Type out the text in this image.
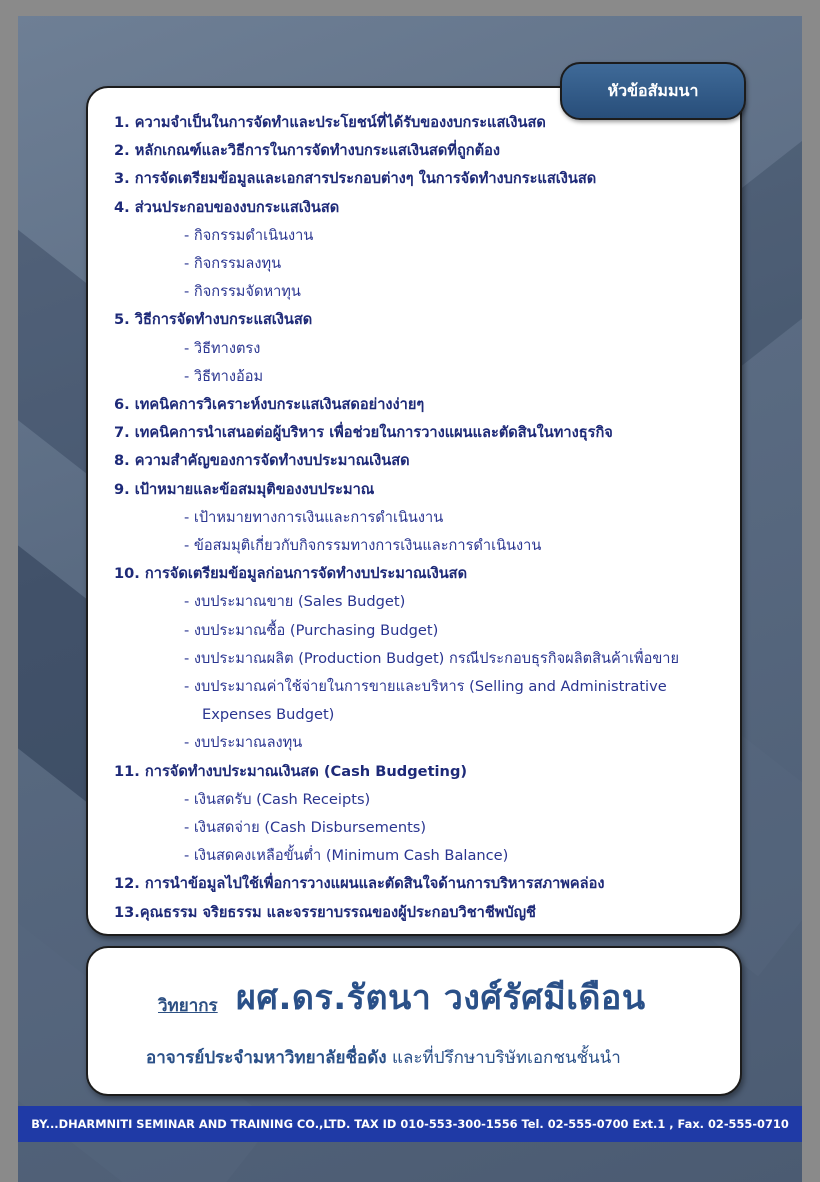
1. ความจำเป็นในการจัดทำและประโยชน์ที่ได้รับของงบกระแสเงินสด
2. หลักเกณฑ์และวิธีการในการจัดทำงบกระแสเงินสดที่ถูกต้อง
3. การจัดเตรียมข้อมูลและเอกสารประกอบต่างๆ ในการจัดทำงบกระแสเงินสด
4. ส่วนประกอบของงบกระแสเงินสด
- กิจกรรมดำเนินงาน
- กิจกรรมลงทุน
- กิจกรรมจัดหาทุน
5. วิธีการจัดทำงบกระแสเงินสด
- วิธีทางตรง
- วิธีทางอ้อม
6. เทคนิคการวิเคราะห์งบกระแสเงินสดอย่างง่ายๆ
7. เทคนิคการนำเสนอต่อผู้บริหาร เพื่อช่วยในการวางแผนและตัดสินในทางธุรกิจ
8. ความสำคัญของการจัดทำงบประมาณเงินสด
9. เป้าหมายและข้อสมมุติของงบประมาณ
- เป้าหมายทางการเงินและการดำเนินงาน
- ข้อสมมุติเกี่ยวกับกิจกรรมทางการเงินและการดำเนินงาน
10. การจัดเตรียมข้อมูลก่อนการจัดทำงบประมาณเงินสด
- งบประมาณขาย (Sales Budget)
- งบประมาณซื้อ (Purchasing Budget)
- งบประมาณผลิต (Production Budget) กรณีประกอบธุรกิจผลิตสินค้าเพื่อขาย
- งบประมาณค่าใช้จ่ายในการขายและบริหาร (Selling and Administrative
Expenses Budget)
- งบประมาณลงทุน
11. การจัดทำงบประมาณเงินสด (Cash Budgeting)
- เงินสดรับ (Cash Receipts)
- เงินสดจ่าย (Cash Disbursements)
- เงินสดคงเหลือขั้นต่ำ (Minimum Cash Balance)
12. การนำข้อมูลไปใช้เพื่อการวางแผนและตัดสินใจด้านการบริหารสภาพคล่อง
13.คุณธรรม จริยธรรม และจรรยาบรรณของผู้ประกอบวิชาชีพบัญชี
หัวข้อสัมมนา
วิทยากร ผศ.ดร.รัตนา วงศ์รัศมีเดือน
อาจารย์ประจำมหาวิทยาลัยชื่อดัง และที่ปรึกษาบริษัทเอกชนชั้นนำ
BY...DHARMNITI SEMINAR AND TRAINING CO.,LTD. TAX ID 010-553-300-1556 Tel. 02-555-0700 Ext.1 , Fax. 02-555-0710
